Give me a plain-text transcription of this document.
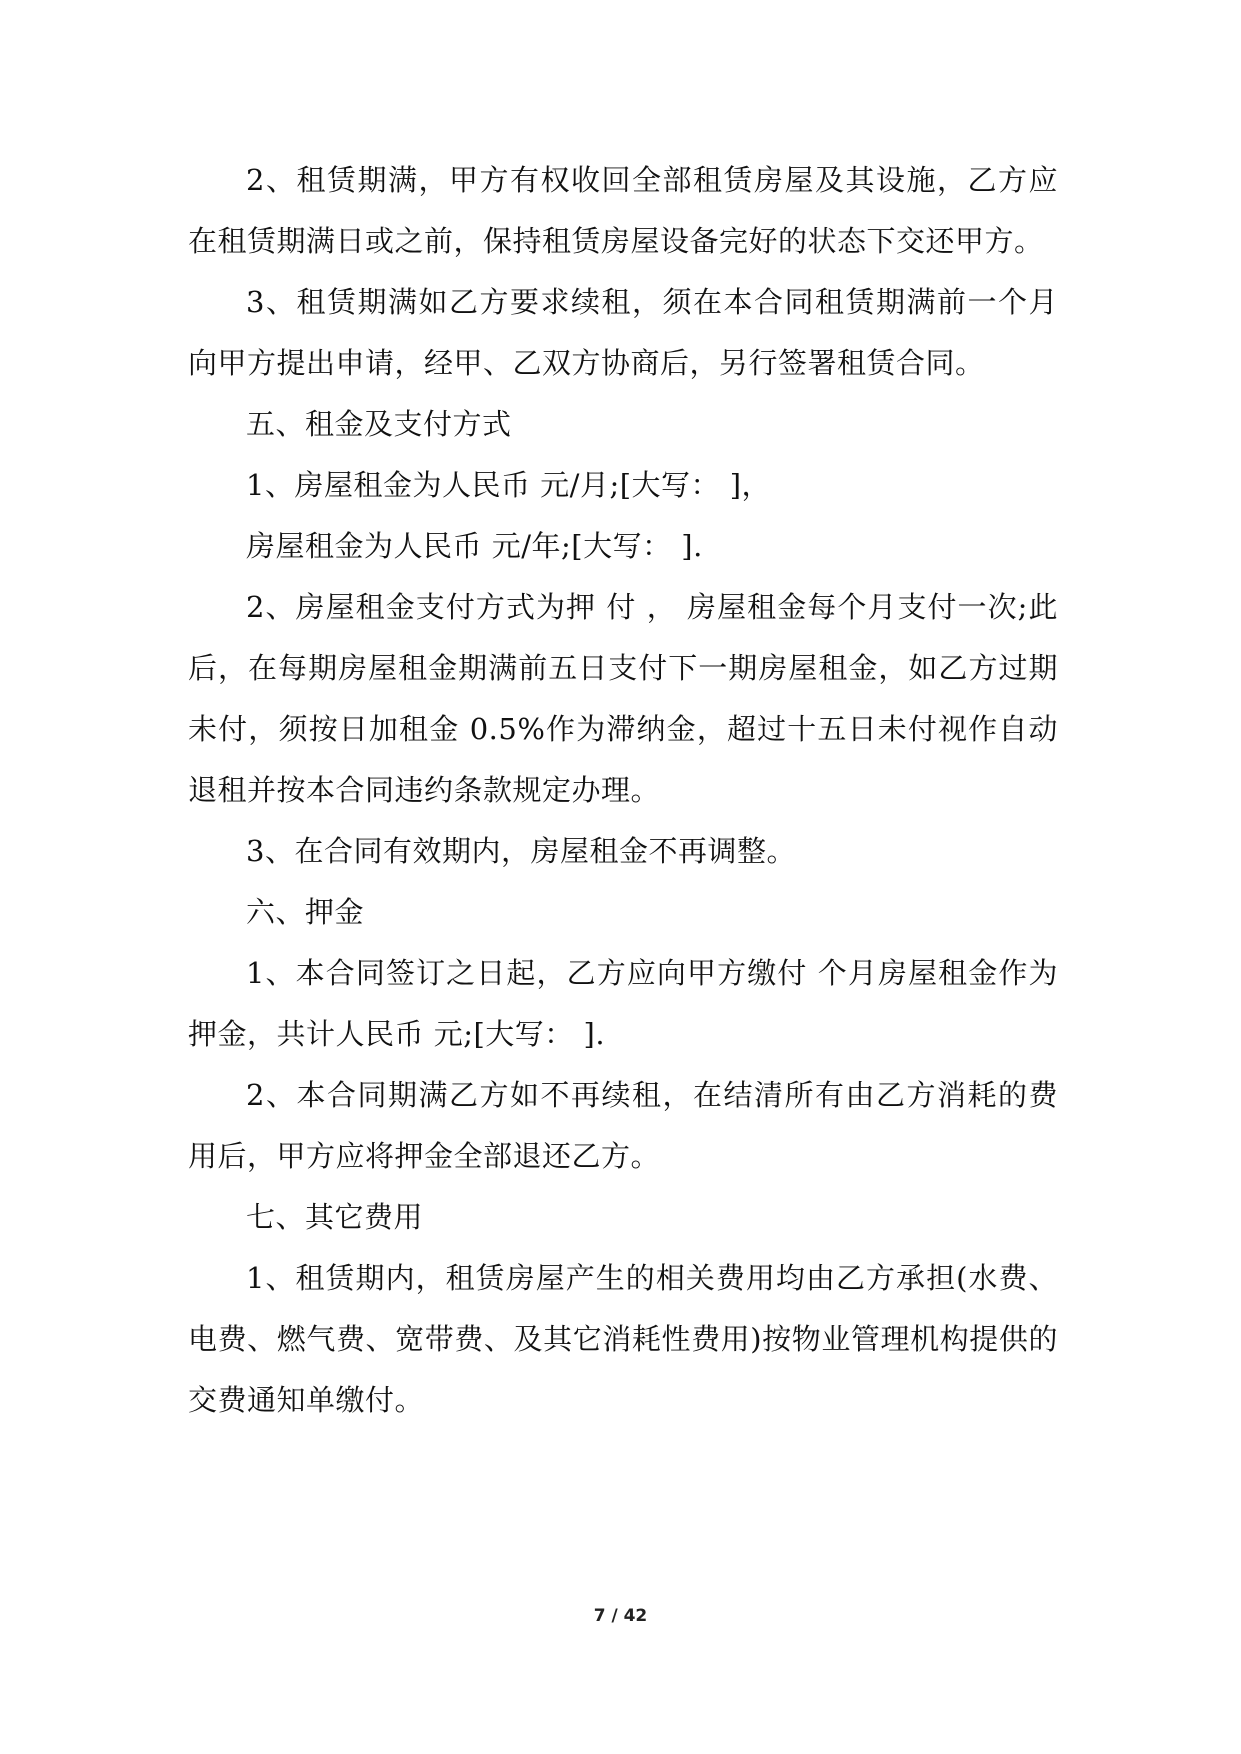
2、租赁期满，甲方有权收回全部租赁房屋及其设施，乙方应在租赁期满日或之前，保持租赁房屋设备完好的状态下交还甲方。

3、租赁期满如乙方要求续租，须在本合同租赁期满前一个月向甲方提出申请，经甲、乙双方协商后，另行签署租赁合同。

五、租金及支付方式

1、房屋租金为人民币 元/月;[大写： ]，

房屋租金为人民币 元/年;[大写： ].

2、房屋租金支付方式为押 付 ， 房屋租金每个月支付一次;此后，在每期房屋租金期满前五日支付下一期房屋租金，如乙方过期未付，须按日加租金 0.5%作为滞纳金，超过十五日未付视作自动退租并按本合同违约条款规定办理。

3、在合同有效期内，房屋租金不再调整。

六、押金

1、本合同签订之日起，乙方应向甲方缴付 个月房屋租金作为押金，共计人民币 元;[大写： ].

2、本合同期满乙方如不再续租，在结清所有由乙方消耗的费用后，甲方应将押金全部退还乙方。

七、其它费用

1、租赁期内，租赁房屋产生的相关费用均由乙方承担(水费、电费、燃气费、宽带费、及其它消耗性费用)按物业管理机构提供的交费通知单缴付。

7 / 42
